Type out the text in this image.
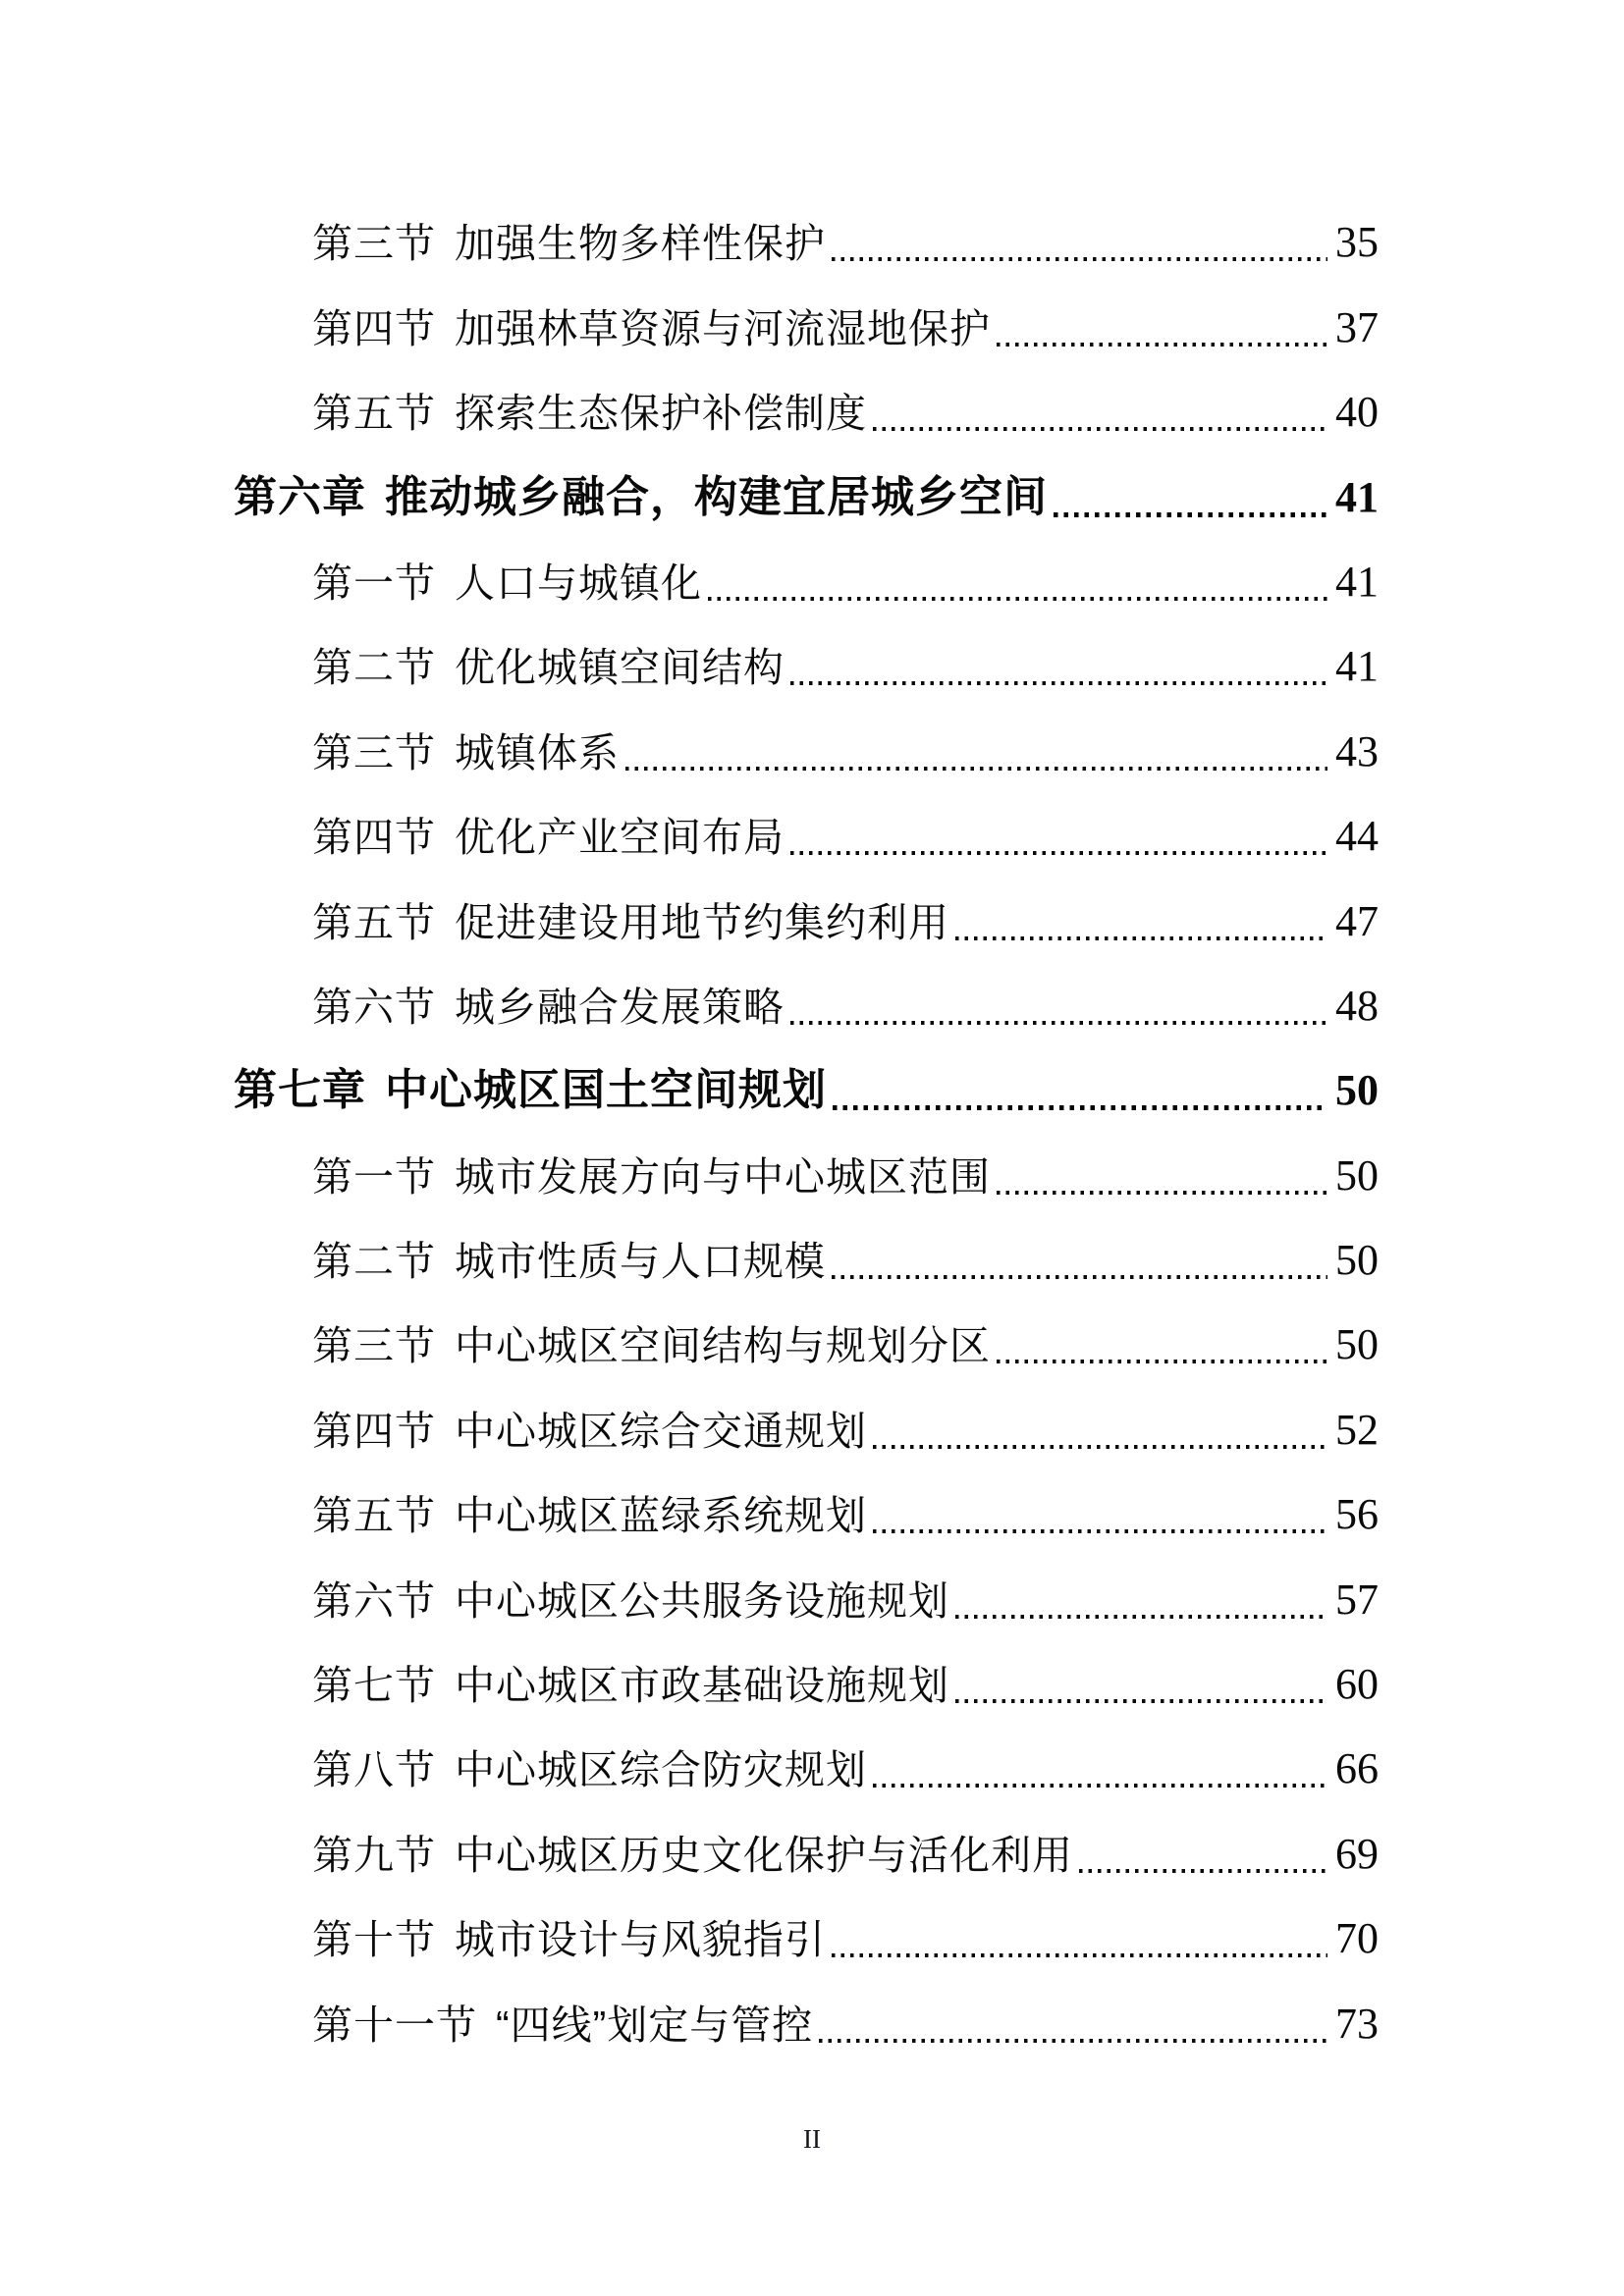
第三节 加强生物多样性保护	35
第四节 加强林草资源与河流湿地保护	37
第五节 探索生态保护补偿制度	40
第六章 推动城乡融合，构建宜居城乡空间	41
第一节 人口与城镇化	41
第二节 优化城镇空间结构	41
第三节 城镇体系	43
第四节 优化产业空间布局	44
第五节 促进建设用地节约集约利用	47
第六节 城乡融合发展策略	48
第七章 中心城区国土空间规划	50
第一节 城市发展方向与中心城区范围	50
第二节 城市性质与人口规模	50
第三节 中心城区空间结构与规划分区	50
第四节 中心城区综合交通规划	52
第五节 中心城区蓝绿系统规划	56
第六节 中心城区公共服务设施规划	57
第七节 中心城区市政基础设施规划	60
第八节 中心城区综合防灾规划	66
第九节 中心城区历史文化保护与活化利用	69
第十节 城市设计与风貌指引	70
第十一节 “四线”划定与管控	73
II
